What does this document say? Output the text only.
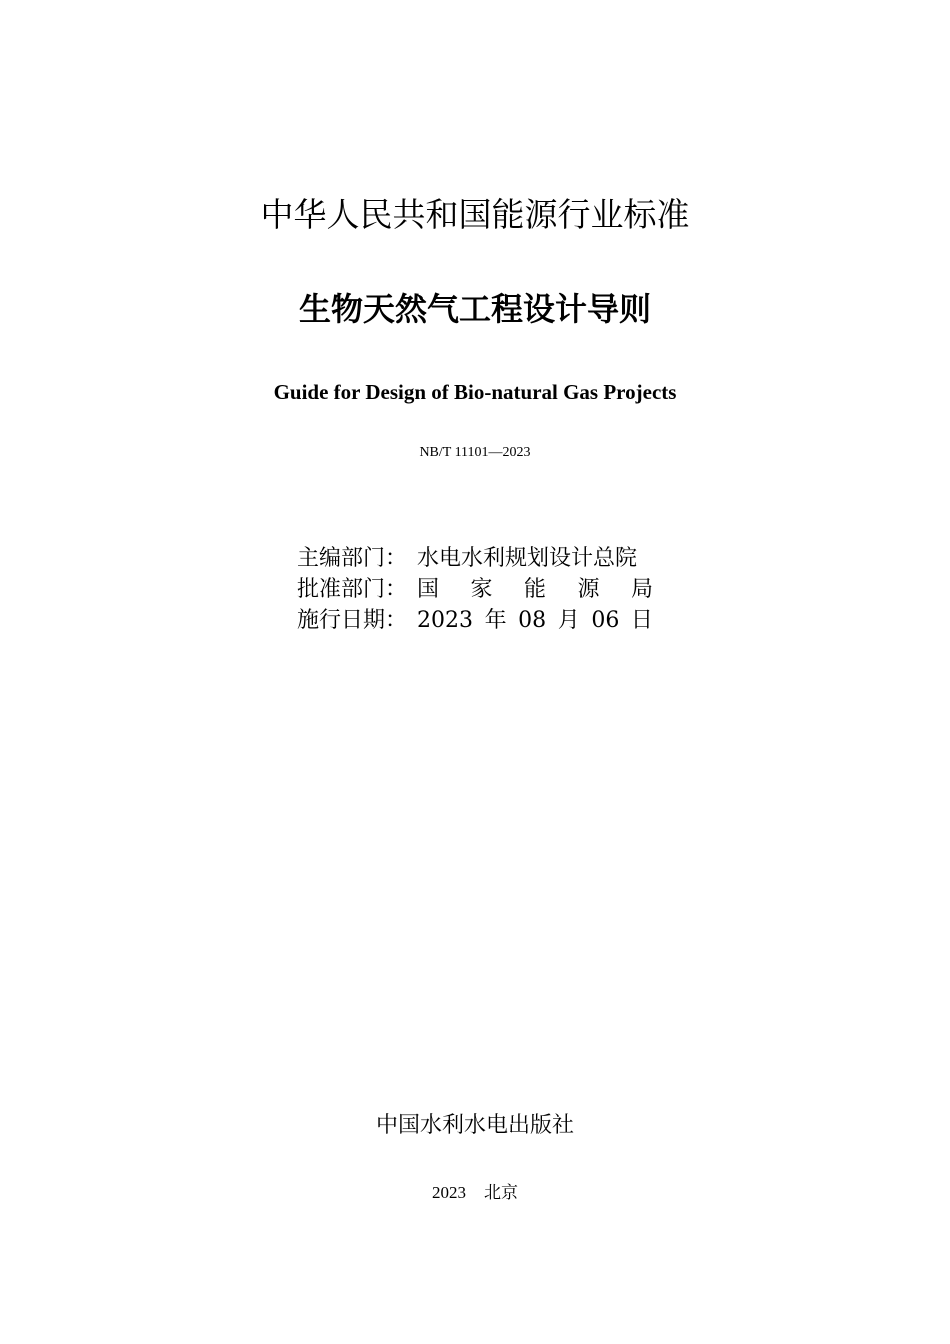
中华人民共和国能源行业标准
生物天然气工程设计导则
Guide for Design of Bio-natural Gas Projects
NB/T 11101—2023
主编部门： 水电水利规划设计总院
批准部门： 国 家 能 源 局
施行日期： 2023 年 08 月 06 日
中国水利水电出版社
2023 北京
